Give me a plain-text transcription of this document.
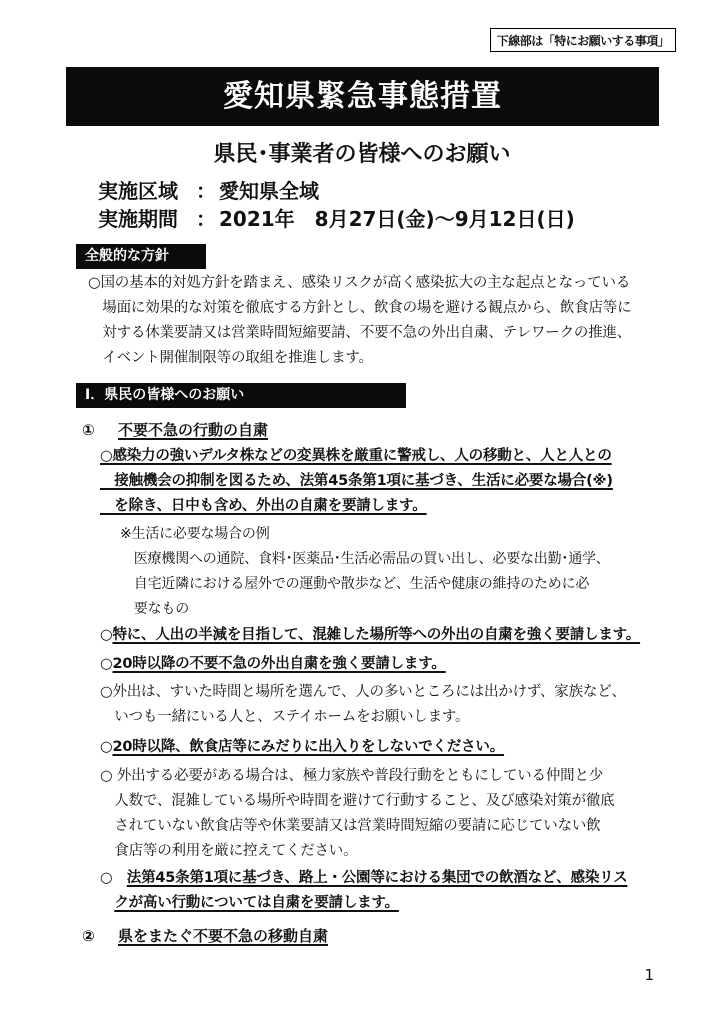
下線部は「特にお願いする事項」
愛知県緊急事態措置
県民･事業者の皆様へのお願い
実施区域 ： 愛知県全域
実施期間 ： 2021年　8月27日(金)～9月12日(日)
全般的な方針
○国の基本的対処方針を踏まえ、感染リスクが高く感染拡大の主な起点となっている
　場面に効果的な対策を徹底する方針とし、飲食の場を避ける観点から、飲食店等に
　対する休業要請又は営業時間短縮要請、不要不急の外出自粛、テレワークの推進、
　イベント開催制限等の取組を推進します。
Ⅰ．県民の皆様へのお願い
① 不要不急の行動の自粛
○感染力の強いデルタ株などの変異株を厳重に警戒し、人の移動と、人と人との
　接触機会の抑制を図るため、法第45条第1項に基づき、生活に必要な場合(※)
　を除き、日中も含め、外出の自粛を要請します。
※生活に必要な場合の例
　医療機関への通院、食料･医薬品･生活必需品の買い出し、必要な出勤･通学、
　自宅近隣における屋外での運動や散歩など、生活や健康の維持のために必
　要なもの
○特に、人出の半減を目指して、混雑した場所等への外出の自粛を強く要請します。
○20時以降の不要不急の外出自粛を強く要請します。
○外出は、すいた時間と場所を選んで、人の多いところには出かけず、家族など、
　いつも一緒にいる人と、ステイホームをお願いします。
○20時以降、飲食店等にみだりに出入りをしないでください。
○ 外出する必要がある場合は、極力家族や普段行動をともにしている仲間と少
　人数で、混雑している場所や時間を避けて行動すること、及び感染対策が徹底
　されていない飲食店等や休業要請又は営業時間短縮の要請に応じていない飲
　食店等の利用を厳に控えてください。
○　 法第45条第1項に基づき、路上・公園等における集団での飲酒など、感染リス
　クが高い行動については自粛を要請します。
② 県をまたぐ不要不急の移動自粛
1
